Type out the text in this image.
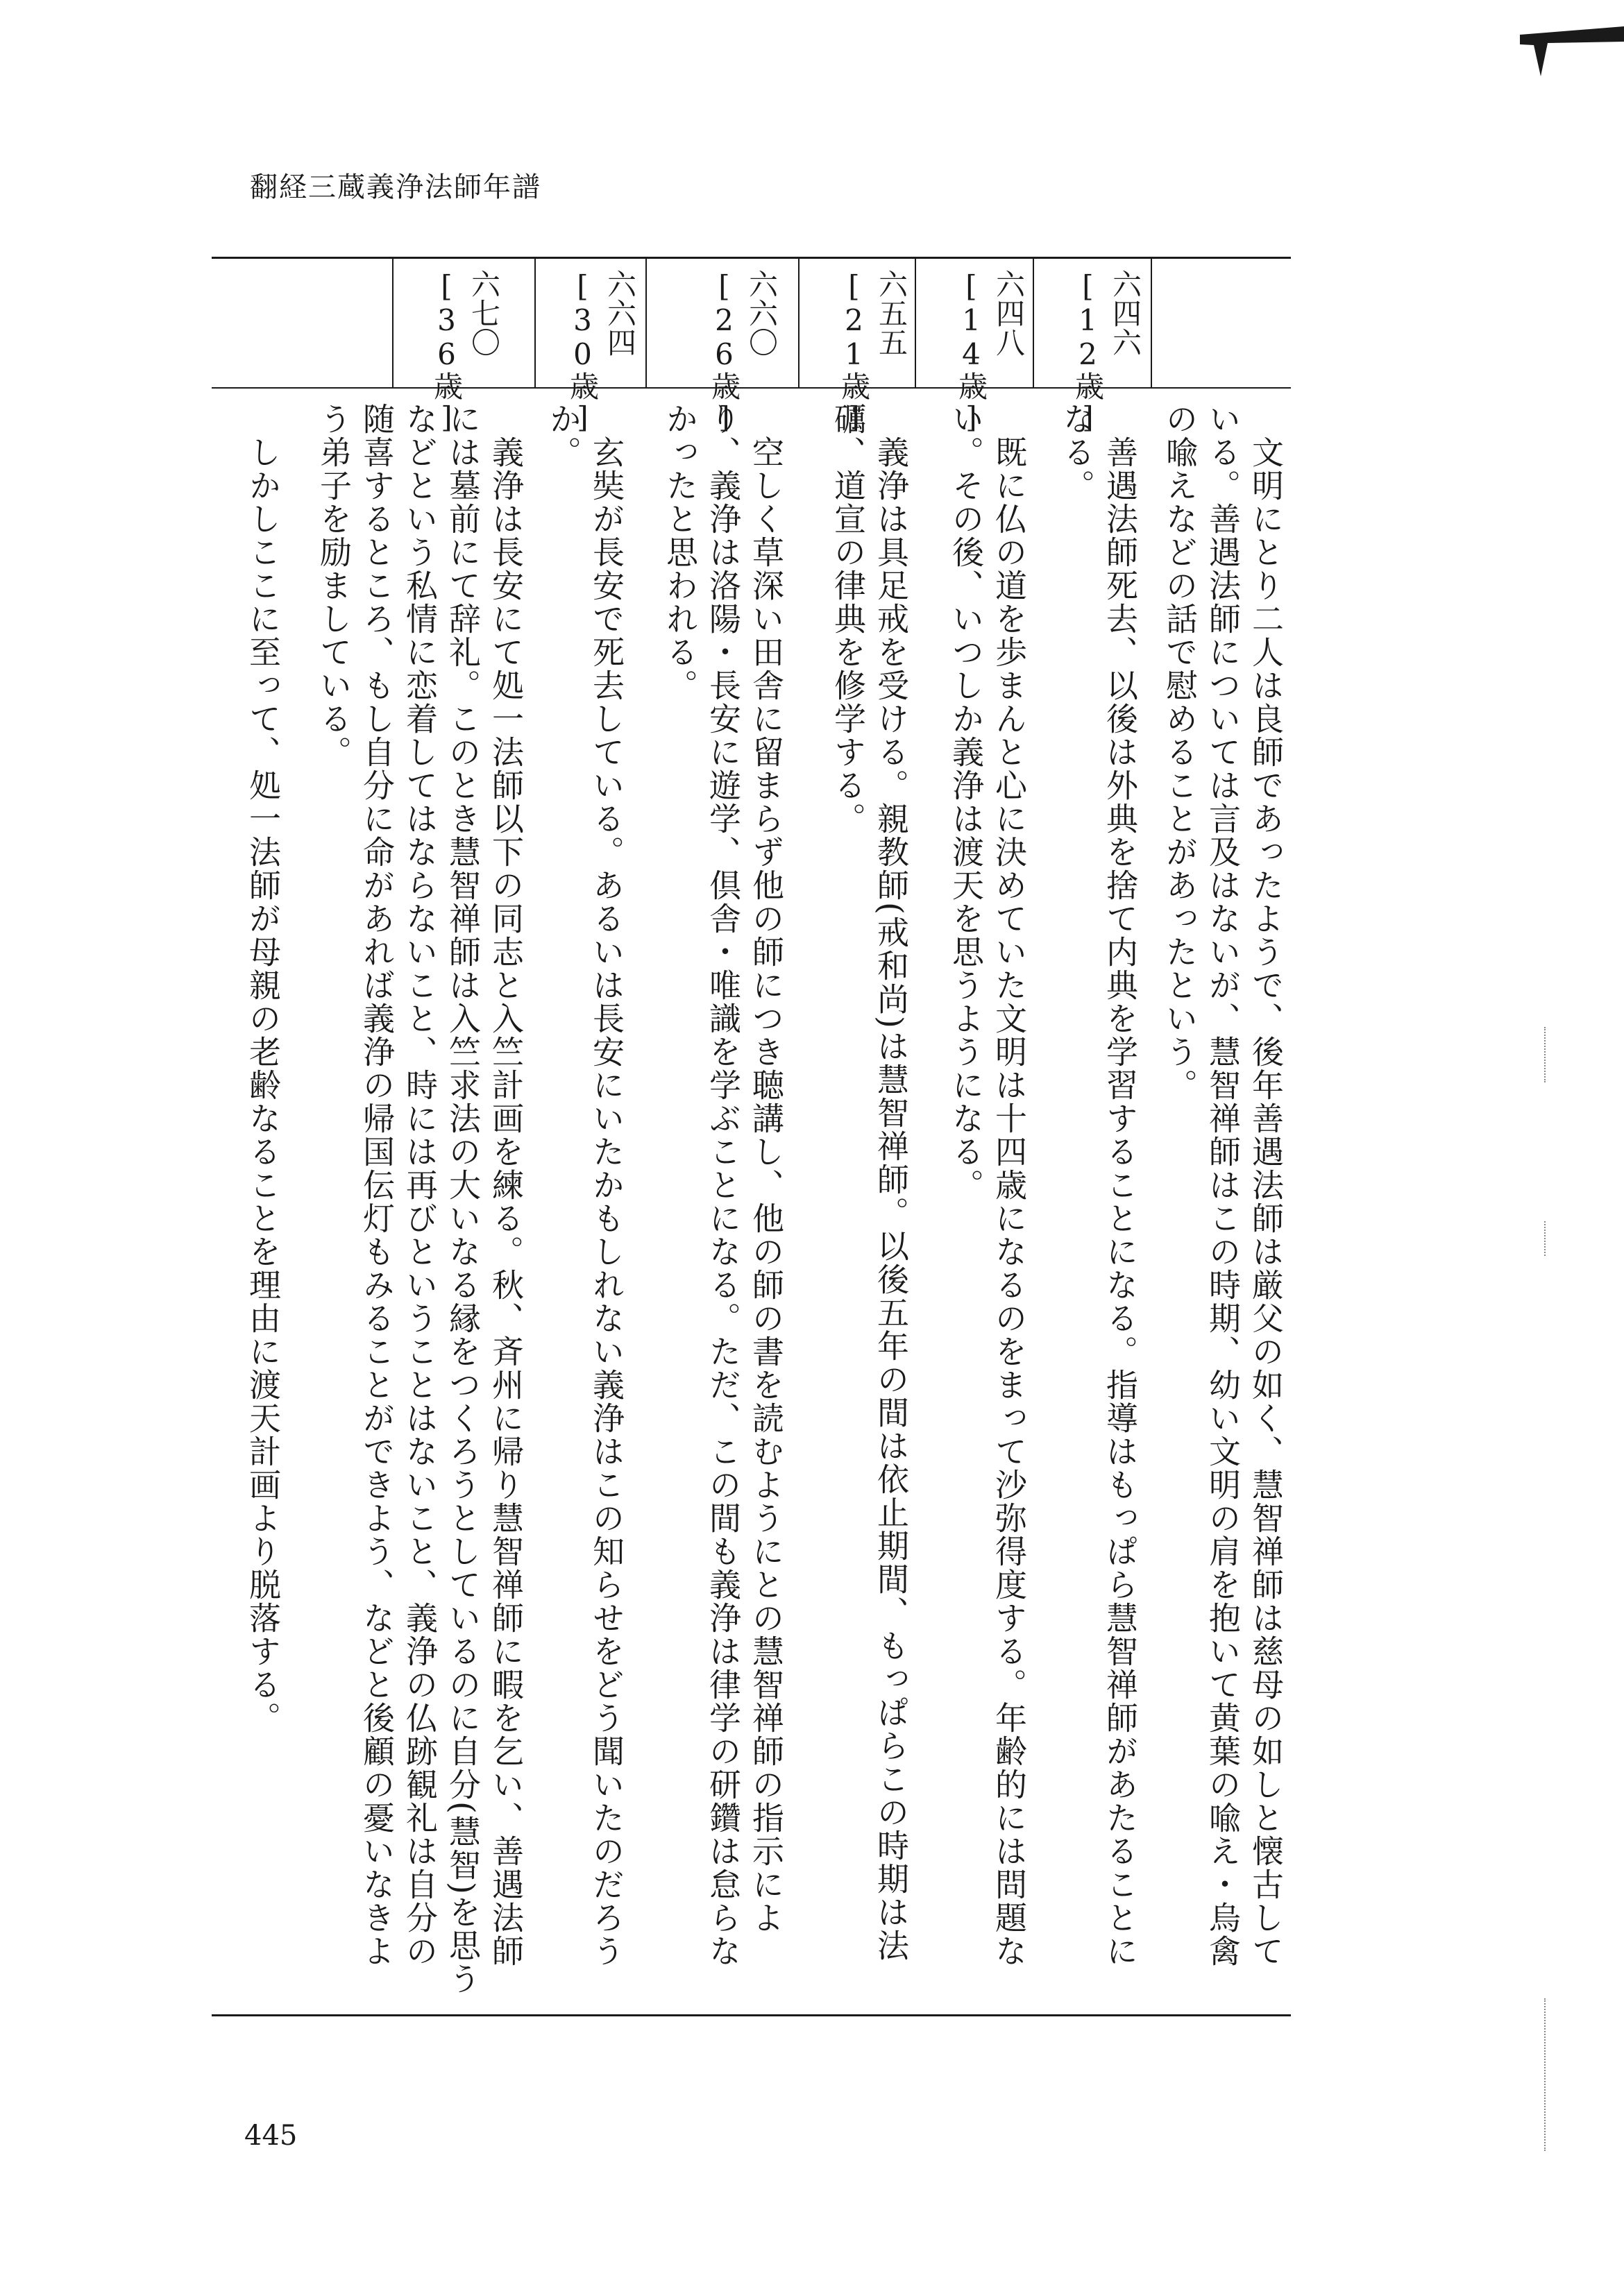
翻経三蔵義浄法師年譜
六四六
[12歳]
六四八
[14歳]
六五五
[21歳]
六六〇
[26歳]
六六四
[30歳]
六七〇
[36歳]
　文明にとり二人は良師であったようで、後年善遇法師は厳父の如く、慧智禅師は慈母の如しと懐古している。善遇法師については言及はないが、慧智禅師はこの時期、幼い文明の肩を抱いて黄葉の喩え・烏禽の喩えなどの話で慰めることがあったという。
　善遇法師死去、以後は外典を捨て内典を学習することになる。指導はもっぱら慧智禅師があたることになる。
　既に仏の道を歩まんと心に決めていた文明は十四歳になるのをまって沙弥得度する。年齢的には問題ない。その後、いつしか義浄は渡天を思うようになる。
　義浄は具足戒を受ける。親教師(戒和尚)は慧智禅師。以後五年の間は依止期間、もっぱらこの時期は法礪、道宣の律典を修学する。
　空しく草深い田舎に留まらず他の師につき聴講し、他の師の書を読むようにとの慧智禅師の指示により、義浄は洛陽・長安に遊学、倶舎・唯識を学ぶことになる。ただ、この間も義浄は律学の研鑽は怠らなかったと思われる。
　玄奘が長安で死去している。あるいは長安にいたかもしれない義浄はこの知らせをどう聞いたのだろうか。
　義浄は長安にて処一法師以下の同志と入竺計画を練る。秋、斉州に帰り慧智禅師に暇を乞い、善遇法師には墓前にて辞礼。このとき慧智禅師は入竺求法の大いなる縁をつくろうとしているのに自分(慧智)を思うなどという私情に恋着してはならないこと、時には再びということはないこと、義浄の仏跡観礼は自分の随喜するところ、もし自分に命があれば義浄の帰国伝灯もみることができよう、などと後顧の憂いなきよう弟子を励ましている。
　しかしここに至って、処一法師が母親の老齢なることを理由に渡天計画より脱落する。
445
